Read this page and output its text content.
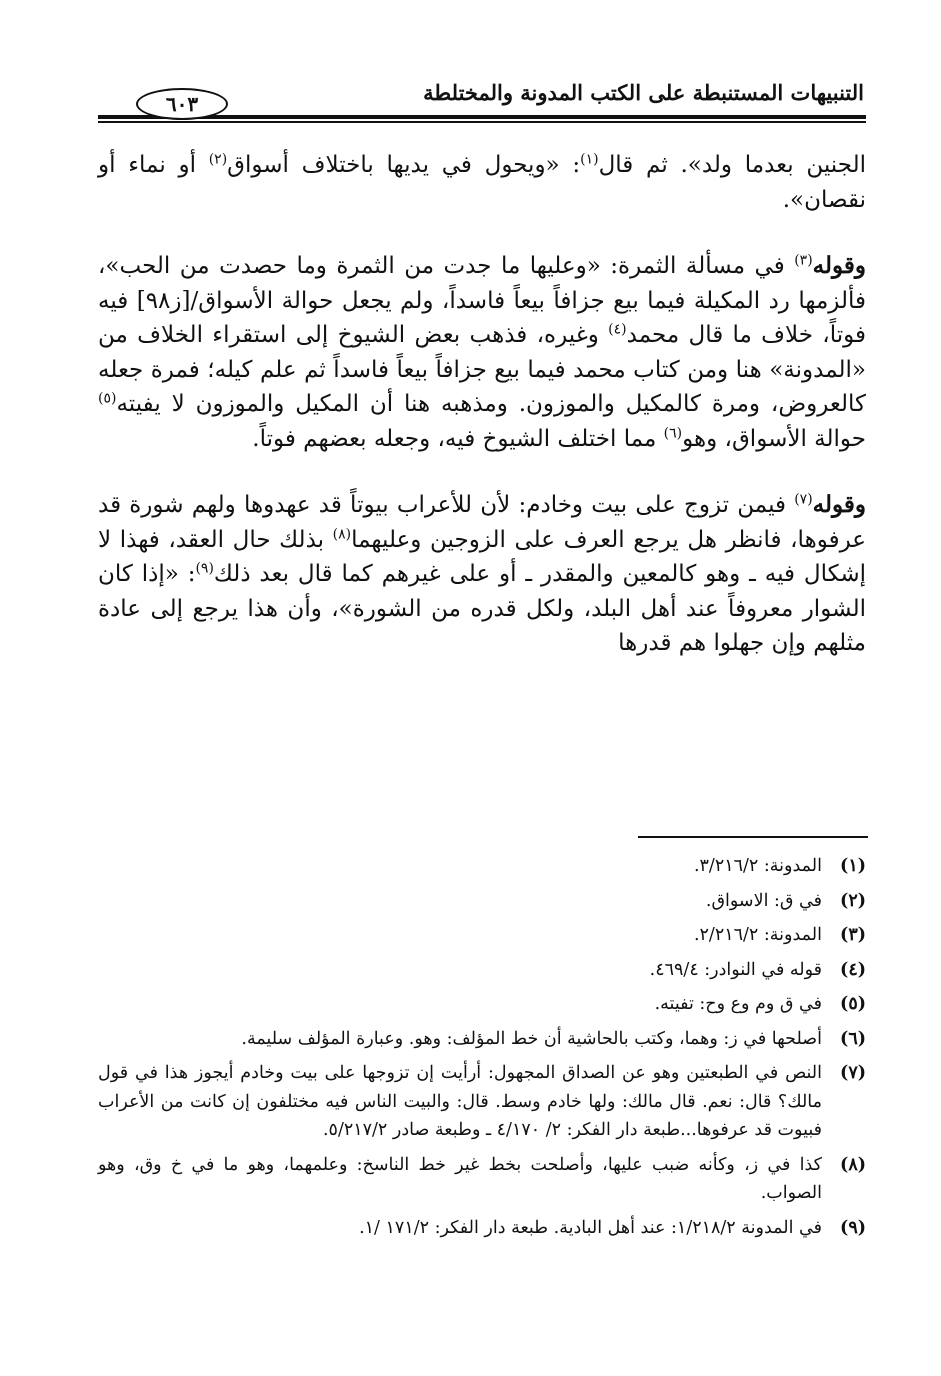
التنبيهات المستنبطة على الكتب المدونة والمختلطة
٦٠٣

الجنين بعدما ولد». ثم قال$^{(١)}$: «ويحول في يديها باختلاف أسواق$^{(٢)}$ أو نماء أو نقصان».

وقوله$^{(٣)}$ في مسألة الثمرة: «وعليها ما جدت من الثمرة وما حصدت من الحب»، فألزمها رد المكيلة فيما بيع جزافاً بيعاً فاسداً، ولم يجعل حوالة الأسواق/[ز٩٨] فيه فوتاً، خلاف ما قال محمد$^{(٤)}$ وغيره، فذهب بعض الشيوخ إلى استقراء الخلاف من «المدونة» هنا ومن كتاب محمد فيما بيع جزافاً بيعاً فاسداً ثم علم كيله؛ فمرة جعله كالعروض، ومرة كالمكيل والموزون. ومذهبه هنا أن المكيل والموزون لا يفيته$^{(٥)}$ حوالة الأسواق، وهو$^{(٦)}$ مما اختلف الشيوخ فيه، وجعله بعضهم فوتاً.

وقوله$^{(٧)}$ فيمن تزوج على بيت وخادم: لأن للأعراب بيوتاً قد عهدوها ولهم شورة قد عرفوها، فانظر هل يرجع العرف على الزوجين وعليهما$^{(٨)}$ بذلك حال العقد، فهذا لا إشكال فيه ـ وهو كالمعين والمقدر ـ أو على غيرهم كما قال بعد ذلك$^{(٩)}$: «إذا كان الشوار معروفاً عند أهل البلد، ولكل قدره من الشورة»، وأن هذا يرجع إلى عادة مثلهم وإن جهلوا هم قدرها

(١)
المدونة: ٣/٢١٦/٢.
(٢)
في ق: الاسواق.
(٣)
المدونة: ٢/٢١٦/٢.
(٤)
قوله في النوادر: ٤٦٩/٤.
(٥)
في ق وم وع وح: تفيته.
(٦)
أصلحها في ز: وهما، وكتب بالحاشية أن خط المؤلف: وهو. وعبارة المؤلف سليمة.
(٧)
النص في الطبعتين وهو عن الصداق المجهول: أرأيت إن تزوجها على بيت وخادم أيجوز هذا في قول مالك؟ قال: نعم. قال مالك: ولها خادم وسط. قال: والبيت الناس فيه مختلفون إن كانت من الأعراب فبيوت قد عرفوها...طبعة دار الفكر: ٢/ ٤/١٧٠ ـ وطبعة صادر ٥/٢١٧/٢.
(٨)
كذا في ز، وكأنه ضبب عليها، وأصلحت بخط غير خط الناسخ: وعلمهما، وهو ما في خ وق، وهو الصواب.
(٩)
في المدونة ١/٢١٨/٢: عند أهل البادية. طبعة دار الفكر: ١٧١/٢ /١.
